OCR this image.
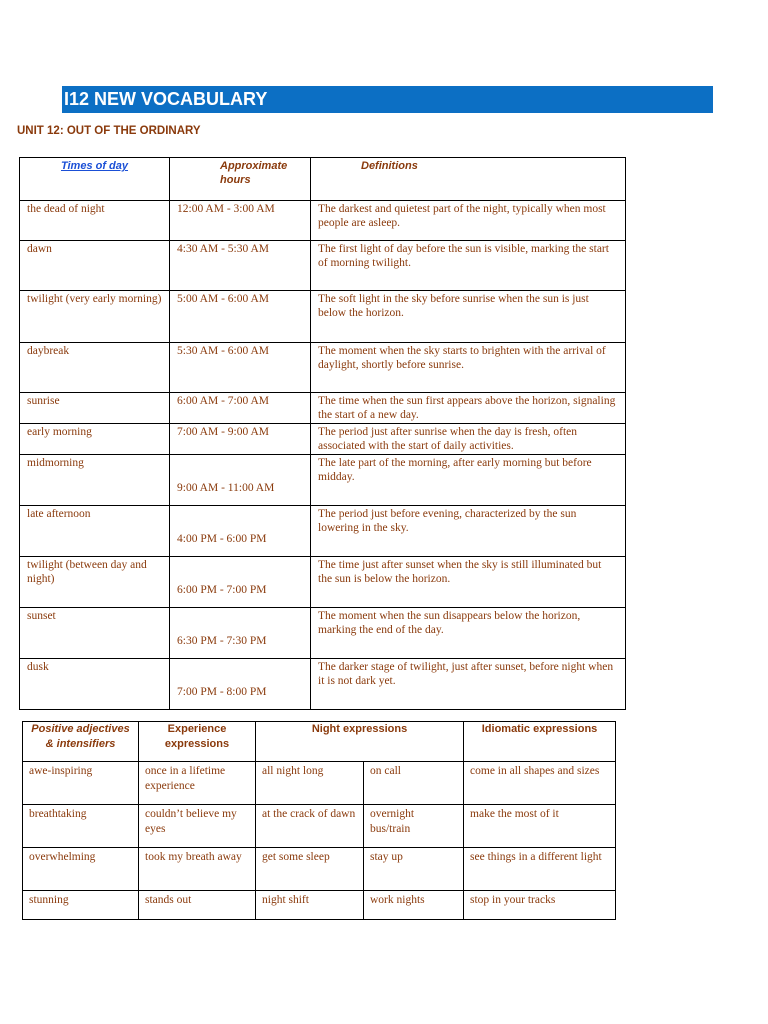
I12 NEW VOCABULARY
UNIT 12: OUT OF THE ORDINARY
Times of day	Approximate hours	Definitions
the dead of night	12:00 AM - 3:00 AM	The darkest and quietest part of the night, typically when most people are asleep.
dawn	4:30 AM - 5:30 AM	The first light of day before the sun is visible, marking the start of morning twilight.
twilight (very early morning)	5:00 AM - 6:00 AM	The soft light in the sky before sunrise when the sun is just below the horizon.
daybreak	5:30 AM - 6:00 AM	The moment when the sky starts to brighten with the arrival of daylight, shortly before sunrise.
sunrise	6:00 AM - 7:00 AM	The time when the sun first appears above the horizon, signaling the start of a new day.
early morning	7:00 AM - 9:00 AM	The period just after sunrise when the day is fresh, often associated with the start of daily activities.
midmorning	9:00 AM - 11:00 AM	The late part of the morning, after early morning but before midday.
late afternoon	4:00 PM - 6:00 PM	The period just before evening, characterized by the sun lowering in the sky.
twilight (between day and night)	6:00 PM - 7:00 PM	The time just after sunset when the sky is still illuminated but the sun is below the horizon.
sunset	6:30 PM - 7:30 PM	The moment when the sun disappears below the horizon, marking the end of the day.
dusk	7:00 PM - 8:00 PM	The darker stage of twilight, just after sunset, before night when it is not dark yet.
Positive adjectives & intensifiers	Experience expressions	Night expressions		Idiomatic expressions
awe-inspiring	once in a lifetime experience	all night long	on call	come in all shapes and sizes
breathtaking	couldn’t believe my eyes	at the crack of dawn	overnight bus/train	make the most of it
overwhelming	took my breath away	get some sleep	stay up	see things in a different light
stunning	stands out	night shift	work nights	stop in your tracks
